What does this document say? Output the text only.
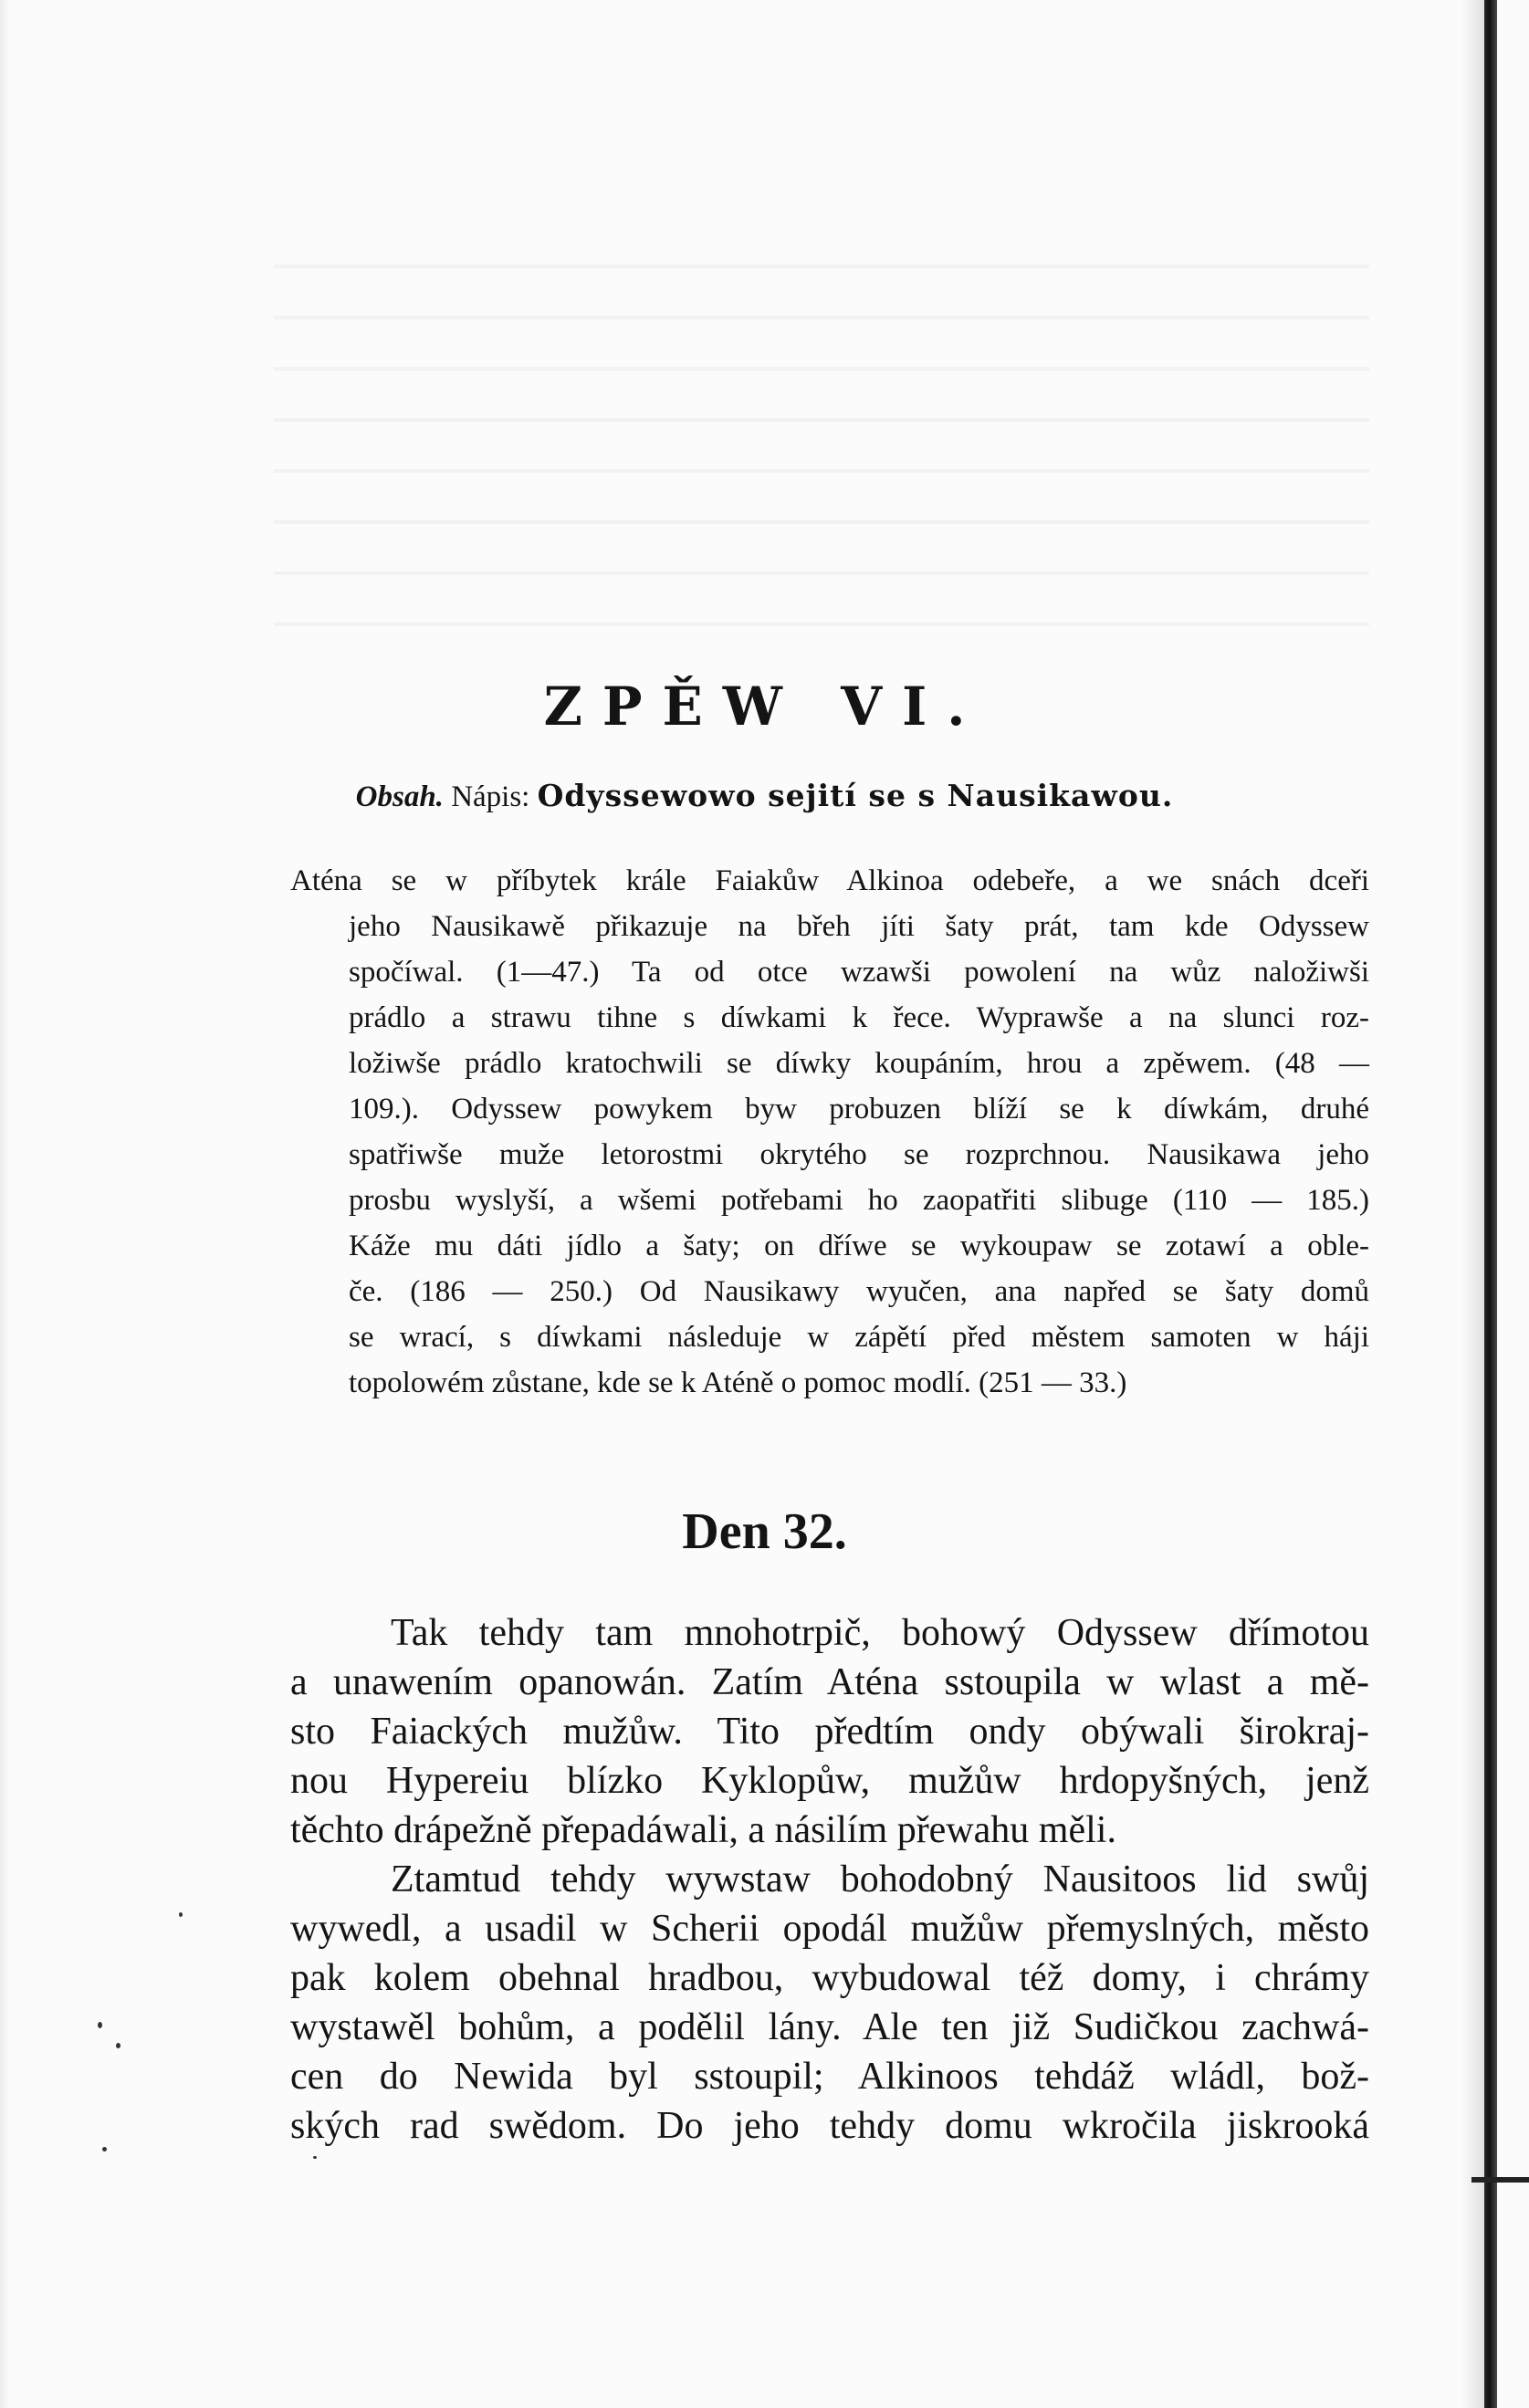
ZPĚW VI.
Obsah. Nápis: Odyssewowo sejití se s Nausikawou.
Aténa se w příbytek krále Faiakůw Alkinoa odebeře, a we snách dceři
jeho Nausikawě přikazuje na břeh jíti šaty prát, tam kde Odyssew
spočíwal. (1—47.) Ta od otce wzawši powolení na wůz naložiwši
prádlo a strawu tihne s díwkami k řece. Wyprawše a na slunci roz-
ložiwše prádlo kratochwili se díwky koupáním, hrou a zpěwem. (48 —
109.). Odyssew powykem byw probuzen blíží se k díwkám, druhé
spatřiwše muže letorostmi okrytého se rozprchnou. Nausikawa jeho
prosbu wyslyší, a wšemi potřebami ho zaopatřiti slibuge (110 — 185.)
Káže mu dáti jídlo a šaty; on dříwe se wykoupaw se zotawí a oble-
če. (186 — 250.) Od Nausikawy wyučen, ana napřed se šaty domů
se wrací, s díwkami následuje w zápětí před městem samoten w háji
topolowém zůstane, kde se k Aténě o pomoc modlí. (251 — 33.)
Den 32.
Tak tehdy tam mnohotrpič, bohowý Odyssew dřímotou
a unawením opanowán. Zatím Aténa sstoupila w wlast a mě-
sto Faiackých mužůw. Tito předtím ondy obýwali širokraj-
nou Hypereiu blízko Kyklopůw, mužůw hrdopyšných, jenž
těchto drápežně přepadáwali, a násilím přewahu měli.
Ztamtud tehdy wywstaw bohodobný Nausitoos lid swůj
wywedl, a usadil w Scherii opodál mužůw přemyslných, město
pak kolem obehnal hradbou, wybudowal též domy, i chrámy
wystawěl bohům, a podělil lány. Ale ten již Sudičkou zachwá-
cen do Newida byl sstoupil; Alkinoos tehdáž wládl, bož-
ských rad swědom. Do jeho tehdy domu wkročila jiskrooká
